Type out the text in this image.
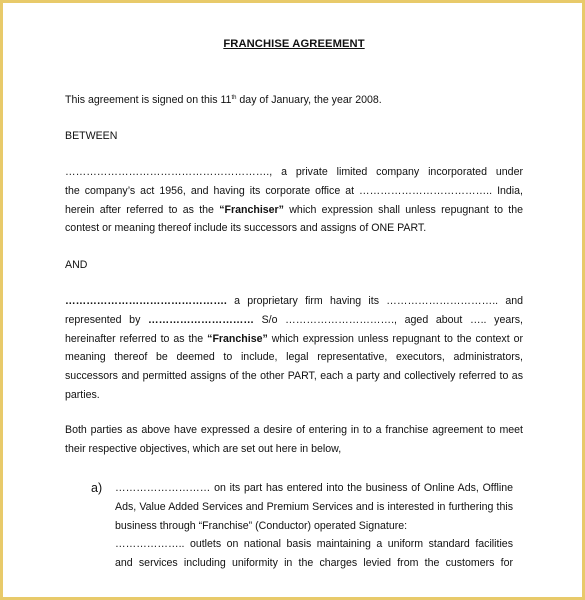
FRANCHISE AGREEMENT
This agreement is signed on this 11th day of January, the year 2008.
BETWEEN
…………………………………………………., a private limited company incorporated under
the company’s act 1956, and having its corporate office at ……………………………….. India,
herein after referred to as the “Franchiser” which expression shall unless repugnant to the
contest or meaning thereof include its successors and assigns of ONE PART.
AND
………………………………………. a proprietary firm having its ………………………….. and
represented by ………………………… S/o …………………………., aged about ….. years,
hereinafter referred to as the “Franchise” which expression unless repugnant to the context or
meaning thereof be deemed to include, legal representative, executors, administrators,
successors and permitted assigns of the other PART, each a party and collectively referred to as
parties.
Both parties as above have expressed a desire of entering in to a franchise agreement to meet
their respective objectives, which are set out here in below,
a) ……………………… on its part has entered into the business of Online Ads, Offline
Ads, Value Added Services and Premium Services and is interested in furthering this
business through “Franchise” (Conductor) operated Signature:
……………….. outlets on national basis maintaining a uniform standard facilities
and services including uniformity in the charges levied from the customers for
